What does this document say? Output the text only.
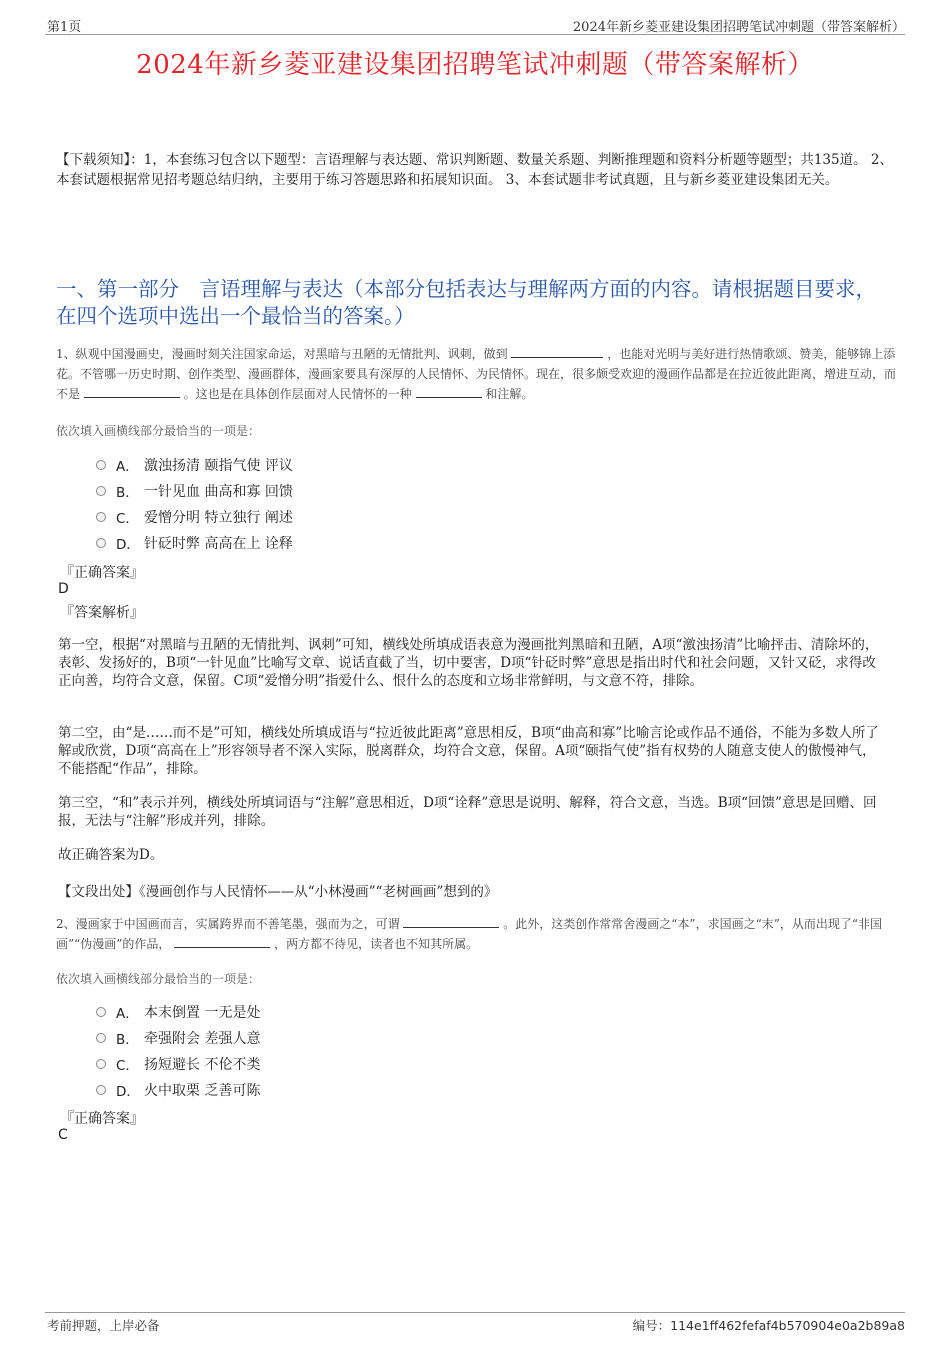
第1页	2024年新乡菱亚建设集团招聘笔试冲刺题（带答案解析）
2024年新乡菱亚建设集团招聘笔试冲刺题（带答案解析）
【下载须知】：1，本套练习包含以下题型：言语理解与表达题、常识判断题、数量关系题、判断推理题和资料分析题等题型；共135道。 2、本套试题根据常见招考题总结归纳，主要用于练习答题思路和拓展知识面。 3、本套试题非考试真题，且与新乡菱亚建设集团无关。
一、第一部分　言语理解与表达（本部分包括表达与理解两方面的内容。请根据题目要求，在四个选项中选出一个最恰当的答案。）
1、纵观中国漫画史，漫画时刻关注国家命运，对黑暗与丑陋的无情批判、讽刺，做到	，也能对光明与美好进行热情歌颂、赞美，能够锦上添花。不管哪一历史时期、创作类型、漫画群体，漫画家要具有深厚的人民情怀、为民情怀。现在，很多颇受欢迎的漫画作品都是在拉近彼此距离，增进互动，而不是	。这也是在具体创作层面对人民情怀的一种	和注解。
依次填入画横线部分最恰当的一项是：
A． 激浊扬清 颐指气使 评议
B． 一针见血 曲高和寡 回馈
C． 爱憎分明 特立独行 阐述
D． 针砭时弊 高高在上 诠释
『正确答案』
D
『答案解析』
第一空，根据“对黑暗与丑陋的无情批判、讽刺”可知，横线处所填成语表意为漫画批判黑暗和丑陋，A项“激浊扬清”比喻抨击、清除坏的，表彰、发扬好的，B项“一针见血”比喻写文章、说话直截了当，切中要害，D项“针砭时弊”意思是指出时代和社会问题，又针又砭，求得改正向善，均符合文意，保留。C项“爱憎分明”指爱什么、恨什么的态度和立场非常鲜明，与文意不符，排除。
第二空，由“是……而不是”可知，横线处所填成语与“拉近彼此距离”意思相反，B项“曲高和寡”比喻言论或作品不通俗，不能为多数人所了解或欣赏，D项“高高在上”形容领导者不深入实际，脱离群众，均符合文意，保留。A项“颐指气使”指有权势的人随意支使人的傲慢神气，不能搭配“作品”，排除。
第三空，“和”表示并列，横线处所填词语与“注解”意思相近，D项“诠释”意思是说明、解释，符合文意，当选。B项“回馈”意思是回赠、回报，无法与“注解”形成并列，排除。
故正确答案为D。
【文段出处】《漫画创作与人民情怀——从“小林漫画”“老树画画”想到的》
2、漫画家于中国画而言，实属跨界而不善笔墨，强而为之，可谓	。此外，这类创作常常舍漫画之“本”，求国画之“末”，从而出现了“非国画”“伪漫画”的作品，	，两方都不待见，读者也不知其所属。
依次填入画横线部分最恰当的一项是：
A． 本末倒置 一无是处
B． 牵强附会 差强人意
C． 扬短避长 不伦不类
D． 火中取栗 乏善可陈
『正确答案』
C
考前押题，上岸必备	编号：114e1ff462fefaf4b570904e0a2b89a8
